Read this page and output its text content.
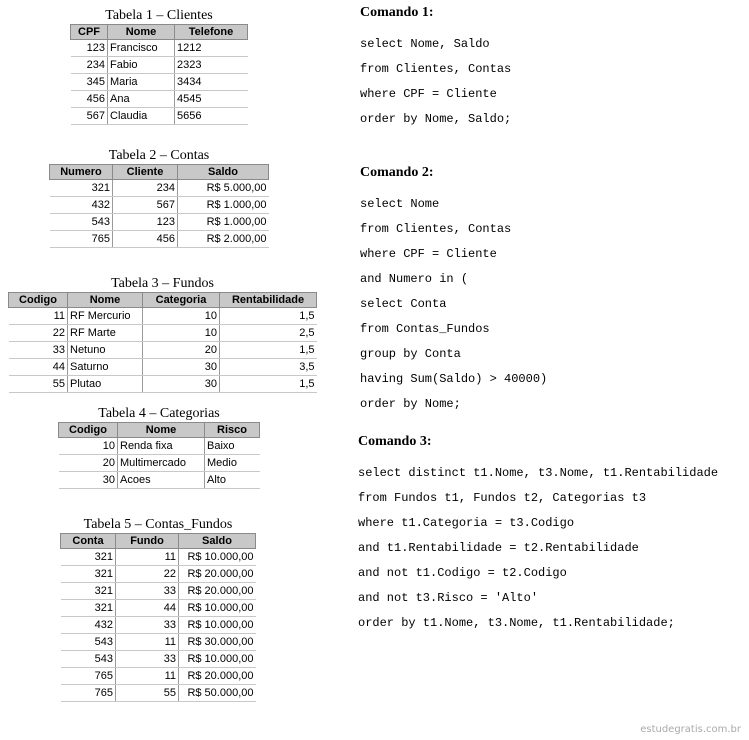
Tabela 1 – Clientes
CPF	Nome	Telefone
123	Francisco	1212
234	Fabio	2323
345	Maria	3434
456	Ana	4545
567	Claudia	5656
Tabela 2 – Contas
Numero	Cliente	Saldo
321	234	R$ 5.000,00
432	567	R$ 1.000,00
543	123	R$ 1.000,00
765	456	R$ 2.000,00
Tabela 3 – Fundos
Codigo	Nome	Categoria	Rentabilidade
11	RF Mercurio	10	1,5
22	RF Marte	10	2,5
33	Netuno	20	1,5
44	Saturno	30	3,5
55	Plutao	30	1,5
Tabela 4 – Categorias
Codigo	Nome	Risco
10	Renda fixa	Baixo
20	Multimercado	Medio
30	Acoes	Alto
Tabela 5 – Contas_Fundos
Conta	Fundo	Saldo
321	11	R$ 10.000,00
321	22	R$ 20.000,00
321	33	R$ 20.000,00
321	44	R$ 10.000,00
432	33	R$ 10.000,00
543	11	R$ 30.000,00
543	33	R$ 10.000,00
765	11	R$ 20.000,00
765	55	R$ 50.000,00
Comando 1:
select Nome, Saldo
from Clientes, Contas
where CPF = Cliente
order by Nome, Saldo;
Comando 2:
select Nome
from Clientes, Contas
where CPF = Cliente
and Numero in (
select Conta
from Contas_Fundos
group by Conta
having Sum(Saldo) > 40000)
order by Nome;
Comando 3:
select distinct t1.Nome, t3.Nome, t1.Rentabilidade
from Fundos t1, Fundos t2, Categorias t3
where t1.Categoria = t3.Codigo
and t1.Rentabilidade = t2.Rentabilidade
and not t1.Codigo = t2.Codigo
and not t3.Risco = 'Alto'
order by t1.Nome, t3.Nome, t1.Rentabilidade;
estudegratis.com.br
